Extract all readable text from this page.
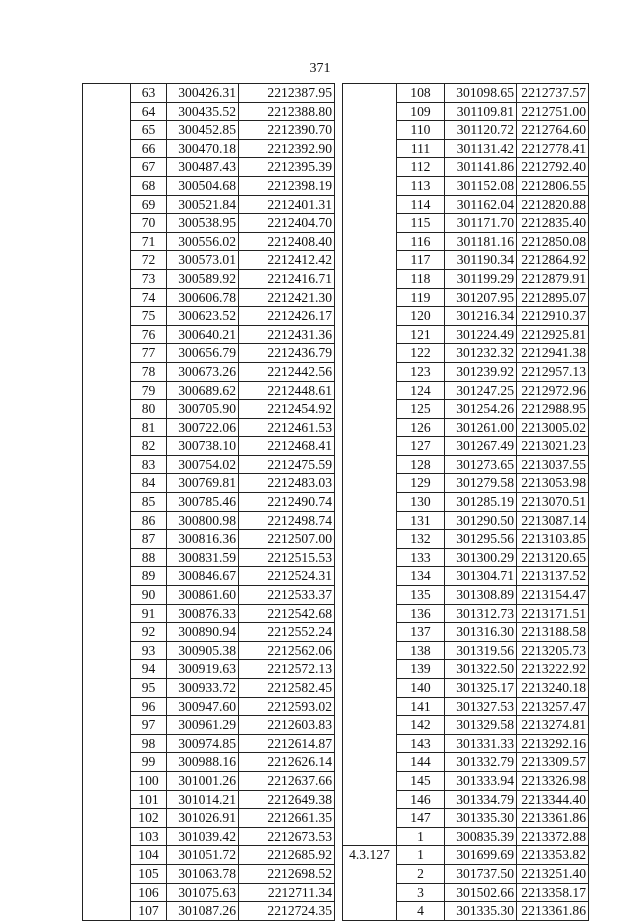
371
	63	300426.31	2212387.95
	64	300435.52	2212388.80
	65	300452.85	2212390.70
	66	300470.18	2212392.90
	67	300487.43	2212395.39
	68	300504.68	2212398.19
	69	300521.84	2212401.31
	70	300538.95	2212404.70
	71	300556.02	2212408.40
	72	300573.01	2212412.42
	73	300589.92	2212416.71
	74	300606.78	2212421.30
	75	300623.52	2212426.17
	76	300640.21	2212431.36
	77	300656.79	2212436.79
	78	300673.26	2212442.56
	79	300689.62	2212448.61
	80	300705.90	2212454.92
	81	300722.06	2212461.53
	82	300738.10	2212468.41
	83	300754.02	2212475.59
	84	300769.81	2212483.03
	85	300785.46	2212490.74
	86	300800.98	2212498.74
	87	300816.36	2212507.00
	88	300831.59	2212515.53
	89	300846.67	2212524.31
	90	300861.60	2212533.37
	91	300876.33	2212542.68
	92	300890.94	2212552.24
	93	300905.38	2212562.06
	94	300919.63	2212572.13
	95	300933.72	2212582.45
	96	300947.60	2212593.02
	97	300961.29	2212603.83
	98	300974.85	2212614.87
	99	300988.16	2212626.14
	100	301001.26	2212637.66
	101	301014.21	2212649.38
	102	301026.91	2212661.35
	103	301039.42	2212673.53
	104	301051.72	2212685.92
	105	301063.78	2212698.52
	106	301075.63	2212711.34
	107	301087.26	2212724.35
	108	301098.65	2212737.57
	109	301109.81	2212751.00
	110	301120.72	2212764.60
	111	301131.42	2212778.41
	112	301141.86	2212792.40
	113	301152.08	2212806.55
	114	301162.04	2212820.88
	115	301171.70	2212835.40
	116	301181.16	2212850.08
	117	301190.34	2212864.92
	118	301199.29	2212879.91
	119	301207.95	2212895.07
	120	301216.34	2212910.37
	121	301224.49	2212925.81
	122	301232.32	2212941.38
	123	301239.92	2212957.13
	124	301247.25	2212972.96
	125	301254.26	2212988.95
	126	301261.00	2213005.02
	127	301267.49	2213021.23
	128	301273.65	2213037.55
	129	301279.58	2213053.98
	130	301285.19	2213070.51
	131	301290.50	2213087.14
	132	301295.56	2213103.85
	133	301300.29	2213120.65
	134	301304.71	2213137.52
	135	301308.89	2213154.47
	136	301312.73	2213171.51
	137	301316.30	2213188.58
	138	301319.56	2213205.73
	139	301322.50	2213222.92
	140	301325.17	2213240.18
	141	301327.53	2213257.47
	142	301329.58	2213274.81
	143	301331.33	2213292.16
	144	301332.79	2213309.57
	145	301333.94	2213326.98
	146	301334.79	2213344.40
	147	301335.30	2213361.86
	1	300835.39	2213372.88
4.3.127	1	301699.69	2213353.82
	2	301737.50	2213251.40
	3	301502.66	2213358.17
	4	301335.30	2213361.86
